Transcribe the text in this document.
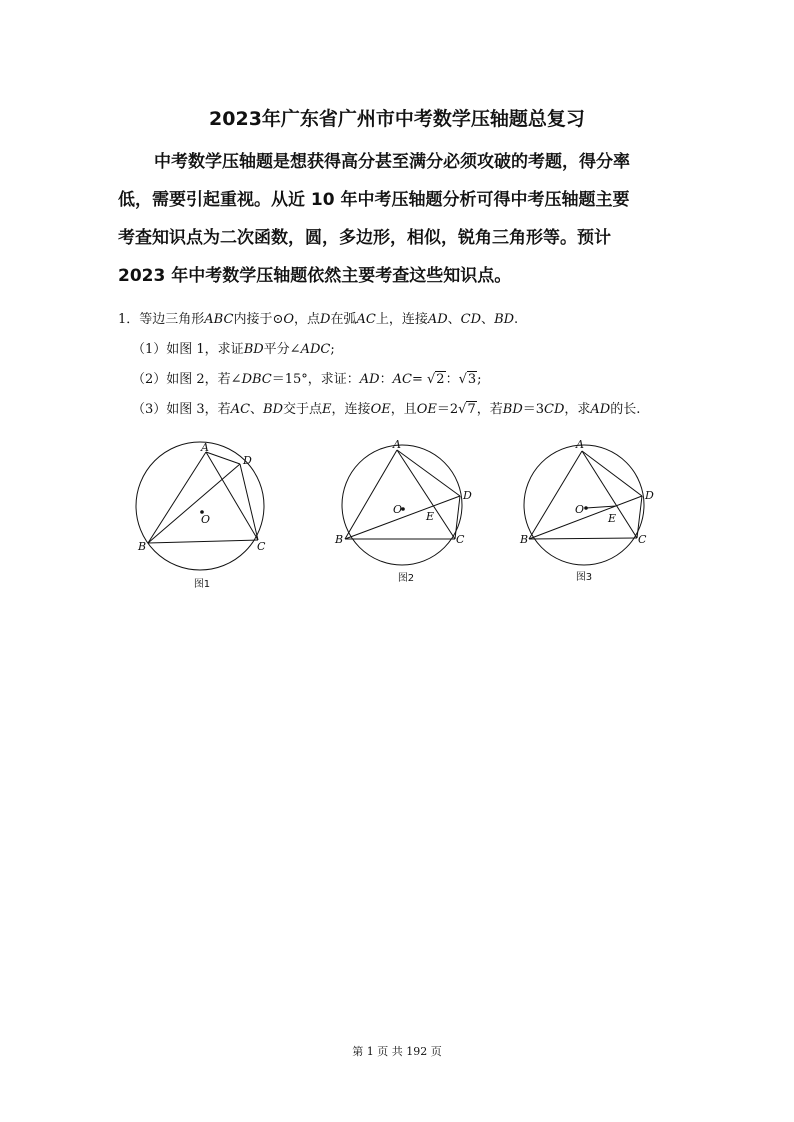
2023年广东省广州市中考数学压轴题总复习
中考数学压轴题是想获得高分甚至满分必须攻破的考题，得分率
低，需要引起重视。从近 10 年中考压轴题分析可得中考压轴题主要
考查知识点为二次函数，圆，多边形，相似，锐角三角形等。预计
2023 年中考数学压轴题依然主要考查这些知识点。
1．等边三角形ABC内接于⊙O，点D在弧AC上，连接AD、CD、BD.
（1）如图 1，求证BD平分∠ADC;
（2）如图 2，若∠DBC＝15°，求证：AD：AC= √2：√3;
（3）如图 3，若AC、BD交于点E，连接OE，且OE＝2√7，若BD＝3CD，求AD的长.
A
D
O
B	C
图1
A
D
O
E
B	C
图2
A
D
O
E
B	C
图3
第 1 页 共 192 页
